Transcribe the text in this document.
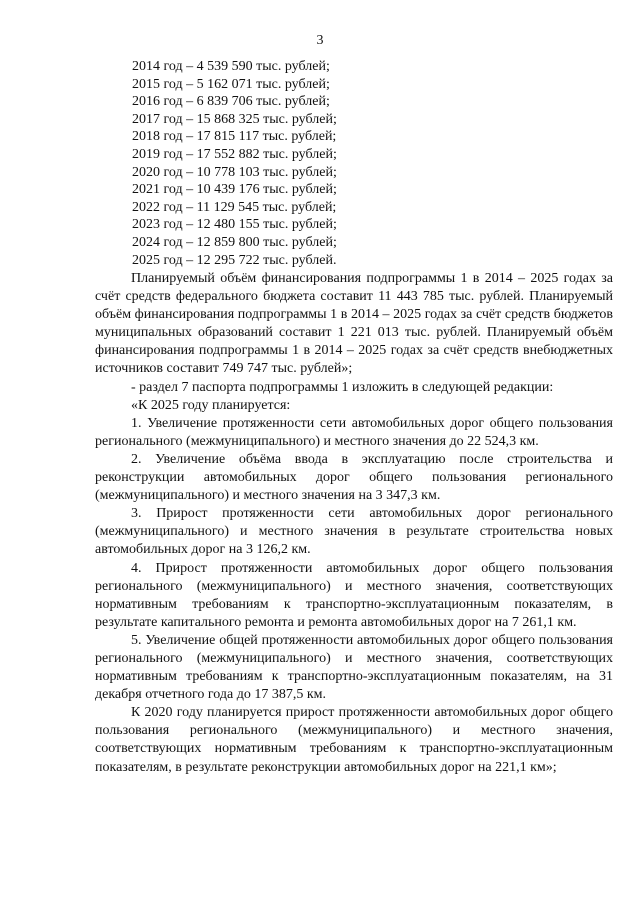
3
2014 год – 4 539 590 тыс. рублей;
2015 год – 5 162 071 тыс. рублей;
2016 год – 6 839 706 тыс. рублей;
2017 год – 15 868 325 тыс. рублей;
2018 год – 17 815 117 тыс. рублей;
2019 год – 17 552 882 тыс. рублей;
2020 год – 10 778 103 тыс. рублей;
2021 год – 10 439 176 тыс. рублей;
2022 год – 11 129 545 тыс. рублей;
2023 год – 12 480 155 тыс. рублей;
2024 год – 12 859 800 тыс. рублей;
2025 год – 12 295 722 тыс. рублей.

Планируемый объём финансирования подпрограммы 1 в 2014 – 2025 годах за счёт средств федерального бюджета составит 11 443 785 тыс. рублей. Планируемый объём финансирования подпрограммы 1 в 2014 – 2025 годах за счёт средств бюджетов муниципальных образований составит 1 221 013 тыс. рублей. Планируемый объём финансирования подпрограммы 1 в 2014 – 2025 годах за счёт средств внебюджетных источников составит 749 747 тыс. рублей»;

- раздел 7 паспорта подпрограммы 1 изложить в следующей редакции:

«К 2025 году планируется:

1. Увеличение протяженности сети автомобильных дорог общего пользования регионального (межмуниципального) и местного значения до 22 524,3 км.

2. Увеличение объёма ввода в эксплуатацию после строительства и реконструкции автомобильных дорог общего пользования регионального (межмуниципального) и местного значения на 3 347,3 км.

3. Прирост протяженности сети автомобильных дорог регионального (межмуниципального) и местного значения в результате строительства новых автомобильных дорог на 3 126,2 км.

4. Прирост протяженности автомобильных дорог общего пользования регионального (межмуниципального) и местного значения, соответствующих нормативным требованиям к транспортно-эксплуатационным показателям, в результате капитального ремонта и ремонта автомобильных дорог на 7 261,1 км.

5. Увеличение общей протяженности автомобильных дорог общего пользования регионального (межмуниципального) и местного значения, соответствующих нормативным требованиям к транспортно-эксплуатационным показателям, на 31 декабря отчетного года до 17 387,5 км.

К 2020 году планируется прирост протяженности автомобильных дорог общего пользования регионального (межмуниципального) и местного значения, соответствующих нормативным требованиям к транспортно-эксплуатационным показателям, в результате реконструкции автомобильных дорог на 221,1 км»;
